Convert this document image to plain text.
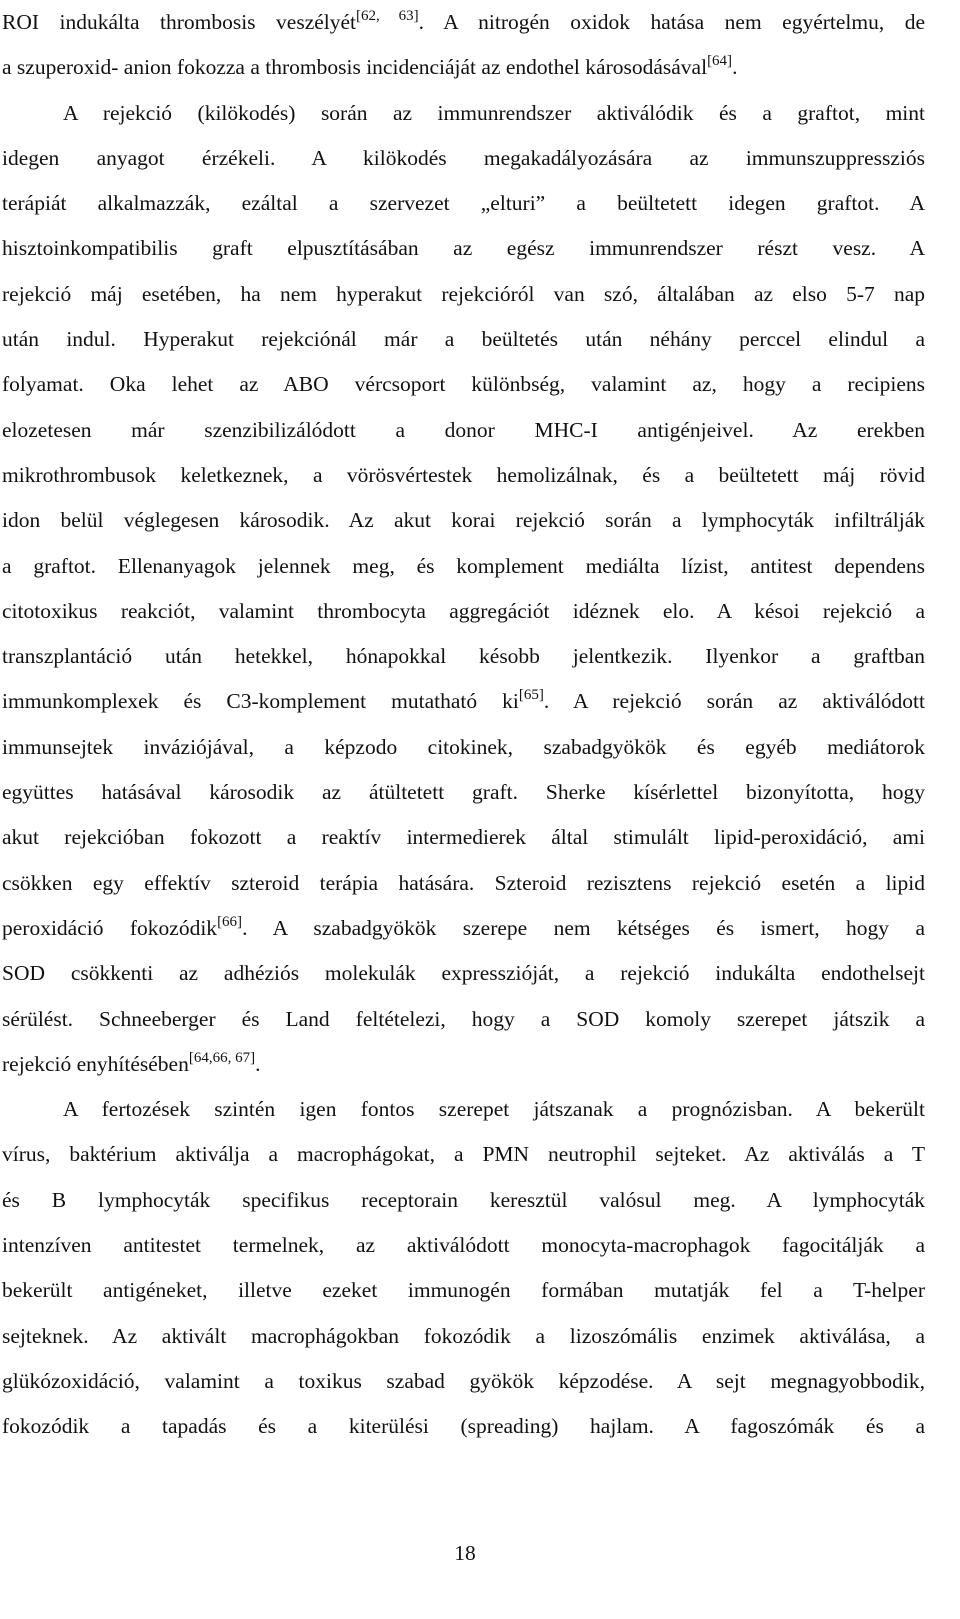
ROI indukálta thrombosis veszélyét[62, 63]. A nitrogén oxidok hatása nem egyértelmu, de
a szuperoxid- anion fokozza a thrombosis incidenciáját az endothel károsodásával[64].
A rejekció (kilökodés) során az immunrendszer aktiválódik és a graftot, mint
idegen anyagot érzékeli. A kilökodés megakadályozására az immunszuppressziós
terápiát alkalmazzák, ezáltal a szervezet „elturi” a beültetett idegen graftot. A
hisztoinkompatibilis graft elpusztításában az egész immunrendszer részt vesz. A
rejekció máj esetében, ha nem hyperakut rejekcióról van szó, általában az elso 5-7 nap
után indul. Hyperakut rejekciónál már a beültetés után néhány perccel elindul a
folyamat. Oka lehet az ABO vércsoport különbség, valamint az, hogy a recipiens
elozetesen már szenzibilizálódott a donor MHC-I antigénjeivel. Az erekben
mikrothrombusok keletkeznek, a vörösvértestek hemolizálnak, és a beültetett máj rövid
idon belül véglegesen károsodik. Az akut korai rejekció során a lymphocyták infiltrálják
a graftot. Ellenanyagok jelennek meg, és komplement mediálta lízist, antitest dependens
citotoxikus reakciót, valamint thrombocyta aggregációt idéznek elo. A késoi rejekció a
transzplantáció után hetekkel, hónapokkal késobb jelentkezik. Ilyenkor a graftban
immunkomplexek és C3-komplement mutatható ki[65]. A rejekció során az aktiválódott
immunsejtek inváziójával, a képzodo citokinek, szabadgyökök és egyéb mediátorok
együttes hatásával károsodik az átültetett graft. Sherke kísérlettel bizonyította, hogy
akut rejekcióban fokozott a reaktív intermedierek által stimulált lipid-peroxidáció, ami
csökken egy effektív szteroid terápia hatására. Szteroid rezisztens rejekció esetén a lipid
peroxidáció fokozódik[66]. A szabadgyökök szerepe nem kétséges és ismert, hogy a
SOD csökkenti az adhéziós molekulák expresszióját, a rejekció indukálta endothelsejt
sérülést. Schneeberger és Land feltételezi, hogy a SOD komoly szerepet játszik a
rejekció enyhítésében[64,66, 67].
A fertozések szintén igen fontos szerepet játszanak a prognózisban. A bekerült
vírus, baktérium aktiválja a macrophágokat, a PMN neutrophil sejteket. Az aktiválás a T
és B lymphocyták specifikus receptorain keresztül valósul meg. A lymphocyták
intenzíven antitestet termelnek, az aktiválódott monocyta-macrophagok fagocitálják a
bekerült antigéneket, illetve ezeket immunogén formában mutatják fel a T-helper
sejteknek. Az aktivált macrophágokban fokozódik a lizoszómális enzimek aktiválása, a
glükózoxidáció, valamint a toxikus szabad gyökök képzodése. A sejt megnagyobbodik,
fokozódik a tapadás és a kiterülési (spreading) hajlam. A fagoszómák és a
18
